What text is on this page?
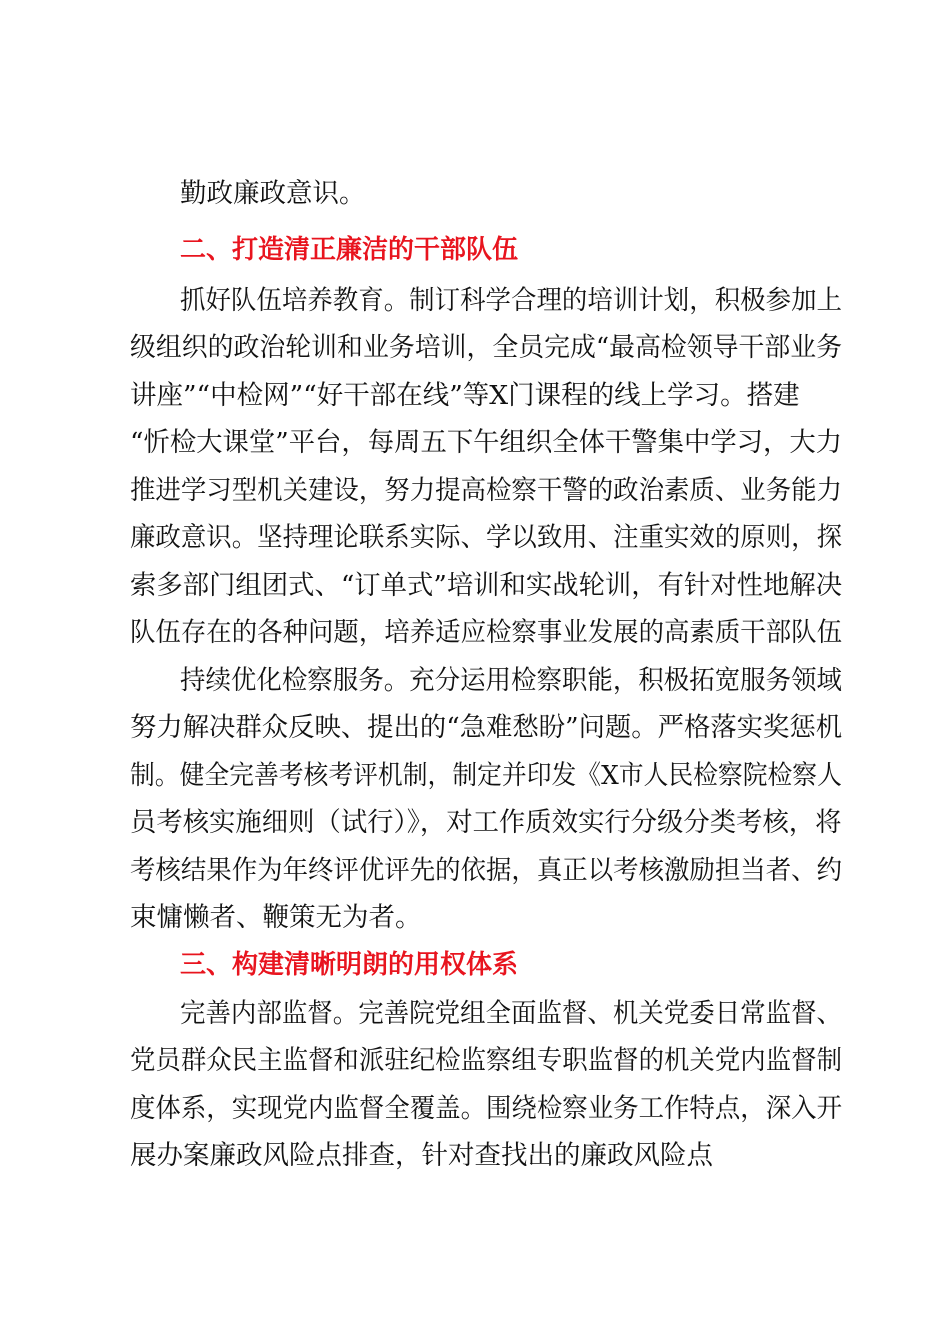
勤政廉政意识。
二、打造清正廉洁的干部队伍
抓好队伍培养教育。制订科学合理的培训计划，积极参加上
级组织的政治轮训和业务培训，全员完成“最高检领导干部业务
讲座”“中检网”“好干部在线”等X门课程的线上学习。搭建
“忻检大课堂”平台，每周五下午组织全体干警集中学习，大力
推进学习型机关建设，努力提高检察干警的政治素质、业务能力
廉政意识。坚持理论联系实际、学以致用、注重实效的原则，探
索多部门组团式、“订单式”培训和实战轮训，有针对性地解决
队伍存在的各种问题，培养适应检察事业发展的高素质干部队伍
持续优化检察服务。充分运用检察职能，积极拓宽服务领域
努力解决群众反映、提出的“急难愁盼”问题。严格落实奖惩机
制。健全完善考核考评机制，制定并印发《X市人民检察院检察人
员考核实施细则（试行）》，对工作质效实行分级分类考核，将
考核结果作为年终评优评先的依据，真正以考核激励担当者、约
束慵懒者、鞭策无为者。
三、构建清晰明朗的用权体系
完善内部监督。完善院党组全面监督、机关党委日常监督、
党员群众民主监督和派驻纪检监察组专职监督的机关党内监督制
度体系，实现党内监督全覆盖。围绕检察业务工作特点，深入开
展办案廉政风险点排查，针对查找出的廉政风险点
